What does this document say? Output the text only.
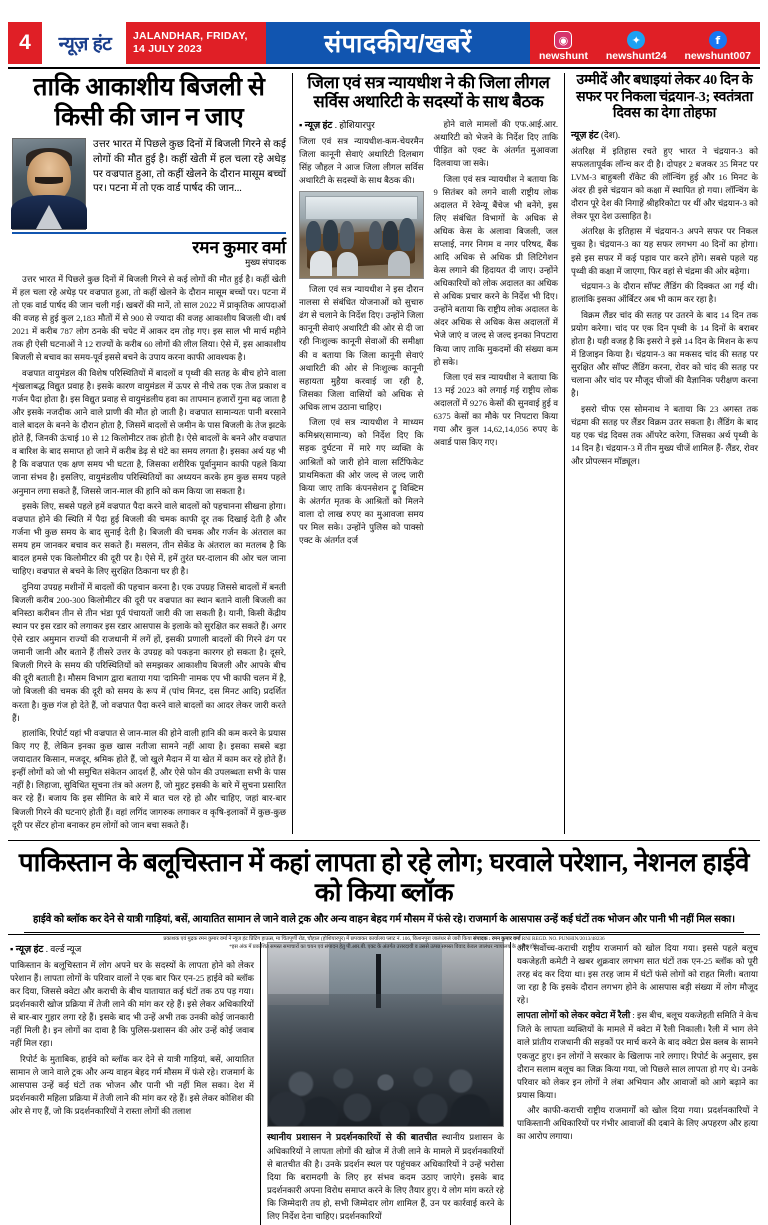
4	न्यूज़ हंट JALANDHAR, FRIDAY,
14 JULY 2023	संपादकीय/खबरें	◉
newshunt
✦
newshunt24
f
newshunt007
ताकि आकाशीय बिजली से किसी की जान न जाए
उत्तर भारत में पिछले कुछ दिनों में बिजली गिरने से कई लोगों की मौत हुई है। कहीं खेती में हल चला रहे अधेड़ पर वज्रपात हुआ, तो कहीं खेलने के दौरान मासूम बच्चों पर। पटना में तो एक वार्ड पार्षद की जान...
रमन कुमार वर्मा
मुख्य संपादक

उत्तर भारत में पिछले कुछ दिनों में बिजली गिरने से कई लोगों की मौत हुई है। कहीं खेती में हल चला रहे अधेड़ पर वज्रपात हुआ, तो कहीं खेलने के दौरान मासूम बच्चों पर। पटना में तो एक वार्ड पार्षद की जान चली गई। खबरों की मानें, तो साल 2022 में प्राकृतिक आपदाओं की वजह से हुई कुल 2,183 मौतों में से 900 से ज्यादा की वजह आकाशीय बिजली थी। वर्ष 2021 में करीब 787 लोग ठनके की चपेट में आकर दम तोड़ गए। इस साल भी मार्च महीने तक ही ऐसी घटनाओं ने 12 राज्यों के करीब 60 लोगों की लील लिया। ऐसे में, इस आकाशीय बिजली से बचाव का समय-पूर्व इससे बचने के उपाय करना काफी आवश्यक है।

वज्रपात वायुमंडल की विशेष परिस्थितियों में बादलों व पृथ्वी की सतह के बीच होने वाला शृंखलाबद्ध विद्युत प्रवाह है। इसके कारण वायुमंडल में ऊपर से नीचे तक एक तेज प्रकाश व गर्जन पैदा होता है। इस विद्युत प्रवाह से वायुमंडलीय हवा का तापमान हजारों गुना बढ़ जाता है और इसके नजदीक आने वाले प्राणी की मौत हो जाती है। वज्रपात सामान्यतः पानी बरसाने वाले बादल के बनने के दौरान होता है, जिसमें बादलों से जमीन के पास बिजली के तेज झटके होते हैं, जिनकी ऊंचाई 10 से 12 किलोमीटर तक होती है। ऐसे बादलों के बनने और वज्रपात व बारिश के बाद समाप्त हो जाने में करीब डेढ़ से घंटे का समय लगता है। इसका अर्थ यह भी है कि वज्रपात एक क्षण समय भी घटता है, जिसका शरीरिक पूर्वानुमान काफी पहले किया जाना संभव है। इसलिए, वायुमंडलीय परिस्थितियों का अध्ययन करके हम कुछ समय पहले अनुमान लगा सकते हैं, जिससे जान-माल की हानि को कम किया जा सकता है।

इसके लिए, सबसे पहले हमें वज्रपात पैदा करने वाले बादलों को पहचानना सीखना होगा। वज्रपात होने की स्थिति में पैदा हुई बिजली की चमक काफी दूर तक दिखाई देती है और गर्जना भी कुछ समय के बाद सुनाई देती है। बिजली की चमक और गर्जन के अंतराल का समय हम जानकर बचाव कर सकते हैं। मसलन, तीन सेकेंड के अंतराल का मतलब है कि बादल हमसे एक किलोमीटर की दूरी पर है। ऐसे में, हमें तुरंत घर-दालान की ओर चल जाना चाहिए। वज्रपात से बचने के लिए सुरक्षित ठिकाना घर ही है।

दुनिया उपग्रह मशीनों में बादलों की पहचान करना है। एक उपग्रह जिससे बादलों में बनती बिजली करीब 200-300 किलोमीटर की दूरी पर वज्रपात का स्थान बताने वाली बिजली का बनिस्ठा करीबन तीन से तीन भंडा पूर्व पंचायतों जारी की जा सकती है। यानी, किसी केंद्रीय स्थान पर इस रडार को लगाकर इस रडार आसपास के इलाके को सुरक्षित कर सकते हैं। अगर ऐसे रडार अमुमान राज्यों की राजधानी में लगें हों, इसकी प्रणाली बादलों की गिरने ढंग पर जमानी जानी और बताने हैं तीसरे उत्तर के उपग्रह को पकड़ना कारगर हो सकता है। दूसरे, बिजली गिरने के समय की परिस्थितियों को समझकर आकाशीय बिजली और आपके बीच की दूरी बताती है। मौसम विभाग द्वारा बताया गया 'दामिनी' नामक एप भी काफी चलन में है, जो बिजली की चमक की दूरी को समय के रूप में (पांच मिनट, दस मिनट आदि) प्रदर्शित करता है। कुछ गंज हो देते हैं, जो वज्रपात पैदा करने वाले बादलों का आदर लेकर जारी करते हैं।

हालांकि, रिपोर्ट यहां भी वज्रपात से जान-माल की होने वाली हानि की कम करने के प्रयास किए गए हैं, लेकिन इनका कुछ खास नतीजा सामने नहीं आया है। इसका सबसे बड़ा जयादातर किसान, मजदूर, श्रमिक होते हैं, जो खुले मैदान में या खेत में काम कर रहे होते हैं। इन्हीं लोगों को जो भी समुचित संकेतन आदर्श हैं, और ऐसे फोन की उपलब्धता सभी के पास नहीं है। लिहाजा, सुविधित सूचना तंत्र को अलग हैं, जो मुहट इसकी के बारे में सुचना प्रसारित कर रहे हैं। बजाय कि इस सीमित के बारे में बात चल रहे हो और चाहिए, जहां बार-बार बिजली गिरने की घटनाएं होती हैं। वहां लगिंद जागरुक लगाकर व कृषि-इलाकों में कुछ-कुछ दूरी पर सेंटर होना बनाकर हम लोगों को जान बचा सकते हैं।

जिला एवं सत्र न्यायधीश ने की जिला लीगल सर्विस अथारिटी के सदस्यों के साथ बैठक
▪ न्यूज़ हंट . होशियारपुर

जिला एवं सत्र न्यायधीश-कम-चेयरमैन जिला कानूनी सेवाएं अथारिटी दिलबाग सिंह जौहल ने आज जिला लीगल सर्विस अथारिटी के सदस्यों के साथ बैठक की।

जिला एवं सत्र न्यायधीश ने इस दौरान नालसा से संबंधित योजनाओं को सुचारु ढंग से चलाने के निर्देश दिए। उन्होंने जिला कानूनी सेवाएं अथारिटी की ओर से दी जा रही निःशुल्क कानूनी सेवाओं की समीक्षा की व बताया कि जिला कानूनी सेवाएं अथारिटी की ओर से निःशुल्क कानूनी सहायता मुहैया करवाई जा रही है, जिसका जिला वासियों को अधिक से अधिक लाभ उठाना चाहिए।

जिला एवं सत्र न्यायधीश ने माध्यम कमिश्नर(सामान्य) को निर्देश दिए कि सड़क दुर्घटना में मारे गए व्यक्ति के आश्रितों को जारी होने वाला सर्टिफिकेट प्राथमिकता की ओर जल्द से जल्द जारी किया जाए ताकि कंपनसेशन ट्रू विक्टिम के अंतर्गत मृतक के आश्रितों को मिलने वाला दो लाख रुपए का मुआवजा समय पर मिल सके। उन्होंने पुलिस को पाक्सो एक्ट के अंतर्गत दर्ज

होने वाले मामलों की एफ.आई.आर. अथारिटी को भेजने के निर्देश दिए ताकि पीड़ित को एक्ट के अंतर्गत मुआवजा दिलवाया जा सके।

जिला एवं सत्र न्यायधीश ने बताया कि 9 सितंबर को लगने वाली राष्ट्रीय लोक अदालत में रेवेन्यू बैंचेज भी बनेंगे, इस लिए संबंधित विभागों के अधिक से अधिक केस के अलावा बिजली, जल सप्लाई, नगर निगम व नगर परिषद, बैंक आदि अधिक से अधिक प्री लिटिगेशन केस लगाने की हिदायत दी जाए। उन्होंने अधिकारियों को लोक अदालत का अधिक से अधिक प्रचार करने के निर्देश भी दिए। उन्होंने बताया कि राष्ट्रीय लोक अदालत के अंदर अधिक से अधिक केस अदालतों में भेजे जाएं व जल्द से जल्द इनका निपटारा किया जाए ताकि मुकदमों की संख्या कम हो सके।

जिला एवं सत्र न्यायधीश ने बताया कि 13 मई 2023 को लगाई गई राष्ट्रीय लोक अदालतों में 9276 केसों की सुनवाई हुई व 6375 केसों का मौके पर निपटारा किया गया और कुल 14,62,14,056 रुपए के अवार्ड पास किए गए।

उम्मीदें और बधाइयां लेकर 40 दिन के सफर पर निकला चंद्रयान-3; स्वतंत्रता दिवस का देगा तोहफा
न्यूज़ हंट (देश).

अंतरिक्ष में इतिहास रचते हुए भारत ने चंद्रयान-3 को सफलतापूर्वक लॉन्च कर दी है। दोपहर 2 बजकर 35 मिनट पर LVM-3 बाहुबली रॉकेट की लॉन्चिंग हुई और 16 मिनट के अंदर ही इसे चंद्रयान को कक्षा में स्थापित हो गया। लॉन्चिंग के दौरान पूरे देश की निगाहें श्रीहरिकोटा पर थीं और चंद्रयान-3 को लेकर पूरा देश उत्साहित है।

अंतरिक्ष के इतिहास में चंद्रयान-3 अपने सफर पर निकल चुका है। चंद्रयान-3 का यह सफर लगभग 40 दिनों का होगा। इसे इस सफर में कई पड़ाव पार करने होंगे। सबसे पहले यह पृथ्वी की कक्षा में जाएगा, फिर वहां से चंद्रमा की ओर बढ़ेगा।

चंद्रयान-3 के दौरान सॉफ्ट लैंडिंग की दिक्कत आ गई थी। हालांकि इसका ऑर्बिटर अब भी काम कर रहा है।

विक्रम लैंडर चांद की सतह पर उतरने के बाद 14 दिन तक प्रयोग करेगा। चांद पर एक दिन पृथ्वी के 14 दिनों के बराबर होता है। यही वजह है कि इसरो ने इसे 14 दिन के मिशन के रूप में डिजाइन किया है। चंद्रयान-3 का मकसद चांद की सतह पर सुरक्षित और सॉफ्ट लैंडिंग करना, रोवर को चांद की सतह पर चलाना और चांद पर मौजूद चीजों की वैज्ञानिक परीक्षण करना है।

इसरो चीफ एस सोमनाथ ने बताया कि 23 अगस्त तक चंद्रमा की सतह पर लैंडर विक्रम उतर सकता है। लैंडिंग के बाद यह एक चंद्र दिवस तक ऑपरेट करेगा, जिसका अर्थ पृथ्वी के 14 दिन है। चंद्रयान-3 में तीन मुख्य चीजें शामिल हैं- लैंडर, रोवर और प्रोपल्सन मॉड्यूल।

पाकिस्तान के बलूचिस्तान में कहां लापता हो रहे लोग; घरवाले परेशान, नेशनल हाईवे को किया ब्लॉक
हाईवे को ब्लॉक कर देने से यात्री गाड़ियां, बसें, आयातित सामान ले जाने वाले ट्रक और अन्य वाहन बेहद गर्म मौसम में फंसे रहे। राजमार्ग के आसपास उन्हें कई घंटों तक भोजन और पानी भी नहीं मिल सका।
▪ न्यूज़ हंट . वर्ल्ड न्यूज

पाकिस्तान के बलूचिस्तान में लोग अपने घर के सदस्यों के लापता होने को लेकर परेशान हैं। लापता लोगों के परिवार वालों ने एक बार फिर एन-25 हाईवे को ब्लॉक कर दिया, जिससे क्वेटा और कराची के बीच यातायात कई घंटों तक ठप पड़ गया। प्रदर्शनकारी खोज प्रक्रिया में तेजी लाने की मांग कर रहे हैं। इसे लेकर अधिकारियों से बार-बार गुहार लगा रहे हैं। इसके बाद भी उन्हें अभी तक उनकी कोई जानकारी नहीं मिली है। इन लोगों का दावा है कि पुलिस-प्रशासन की ओर उन्हें कोई जवाब नहीं मिल रहा।

रिपोर्ट के मुताबिक, हाईवे को ब्लॉक कर देने से यात्री गाड़ियां, बसें, आयातित सामान ले जाने वाले ट्रक और अन्य वाहन बेहद गर्म मौसम में फंसे रहे। राजमार्ग के आसपास उन्हें कई घंटों तक भोजन और पानी भी नहीं मिल सका। देश में प्रदर्शनकारी महिला प्रक्रिया में तेजी लाने की मांग कर रहे हैं। इसे लेकर कोशिश की ओर से गए हैं, जो कि प्रदर्शनकारियों ने रास्ता लोगों की तलाश

स्थानीय प्रशासन ने प्रदर्शनकारियों से की बातचीत स्थानीय प्रशासन के अधिकारियों ने लापता लोगों की खोज में तेजी लाने के मामले में प्रदर्शनकारियों से बातचीत की है। उनके प्रदर्शन स्थल पर पहुंचकर अधिकारियों ने उन्हें भरोसा दिया कि बरामदगी के लिए हर संभव कदम उठाए जाएंगे। इसके बाद प्रदर्शनकारी अपना विरोध समाप्त करने के लिए तैयार हुए। ये लोग मांग करते रहे कि जिम्मेदारी तय हो, सभी जिम्मेदार लोग शामिल हैं, उन पर कार्रवाई करने के लिए निर्देश देना चाहिए। प्रदर्शनकारियों

और सर्वोच्च-कराची राष्ट्रीय राजमार्ग को खोल दिया गया। इससे पहले बलूच यकजेहती कमेटी ने खबर शुक्रवार लगभग सात घंटों तक एन-25 ब्लॉक को पूरी तरह बंद कर दिया था। इस तरह जाम में घंटों फंसे लोगों को राहत मिली। बताया जा रहा है कि इसके दौरान लगभग होने के आसपास बड़ी संख्या में लोग मौजूद रहे।

लापता लोगों को लेकर क्वेटा में रैली : इस बीच, बलूच यकजेहती समिति ने केच जिले के लापता व्यक्तियों के मामले में क्वेटा में रैली निकाली। रैली में भाग लेने वाले प्रांतीय राजधानी की सड़कों पर मार्च करने के बाद क्वेटा प्रेस क्लब के सामने एकजुट हुए। इन लोगों ने सरकार के खिलाफ नारे लगाए। रिपोर्ट के अनुसार, इस दौरान सलाम बलूच का जिक्र किया गया, जो पिछले साल लापता हो गए थे। उनके परिवार को लेकर इन लोगों ने लंबा अभियान और आवाजों को आगे बढ़ाने का प्रयास किया।

और काफी-कराची राष्ट्रीय राजमार्गों को खोल दिया गया। प्रदर्शनकारियों ने पाकिस्तानी अधिकारियों पर गंभीर आवाजों की दबाने के लिए अपहरण और हत्या का आरोप लगाया।

प्रकाशक एवं मुद्रक रमन कुमार वर्मा ने न्यूज हंट प्रिंटिंग हाऊस, मा चिंतपूर्णी रोड, चौहाल (होशियारपुर) में छपवाकर कार्यालय प्लाट नं. 106, किशनपुरा जालंधर से जारी किया संपादक : रमन कुमार वर्मा RNI REGD. NO. PUNHIN/2013/48236
*इस अंक में प्रकाशित समस्त समाचारों का चयन एवं संपादन हेतु पी.आर.बी. एक्ट के अंतर्गत उत्तरदायी व उससे उत्पन्न समस्त विवाद केवल जालंधर न्यायालय के अधीन होंगे।
